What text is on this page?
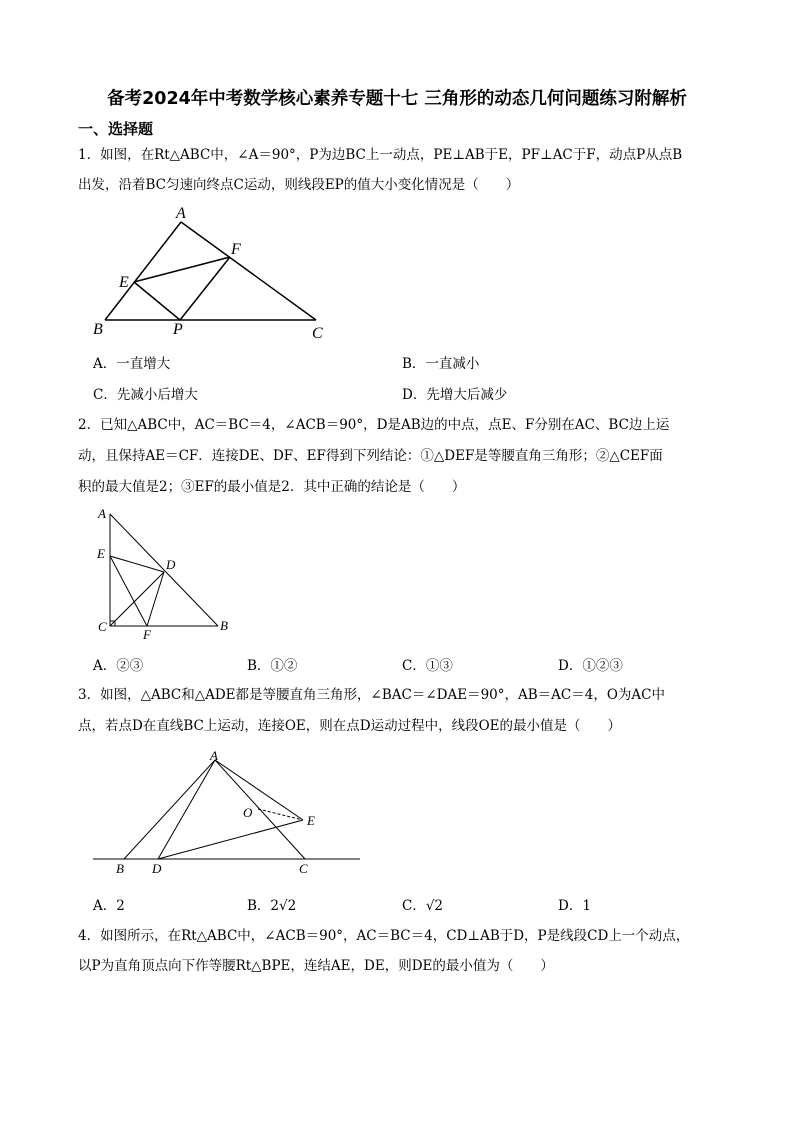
备考2024年中考数学核心素养专题十七 三角形的动态几何问题练习附解析
一、选择题
1．如图，在Rt△ABC中，∠A＝90°，P为边BC上一动点，PE⊥AB于E，PF⊥AC于F，动点P从点B
出发，沿着BC匀速向终点C运动，则线段EP的值大小变化情况是（　　）
A
F
E
B	P	C
A．一直增大	B．一直减小
C．先减小后增大	D．先增大后减少
2．已知△ABC中，AC＝BC＝4，∠ACB＝90°，D是AB边的中点，点E、F分别在AC、BC边上运
动，且保持AE＝CF．连接DE、DF、EF得到下列结论：①△DEF是等腰直角三角形；②△CEF面
积的最大值是2；③EF的最小值是2．其中正确的结论是（　　）
A
E
D
C
F
B
A．②③	B．①②	C．①③	D．①②③
3．如图，△ABC和△ADE都是等腰直角三角形，∠BAC＝∠DAE＝90°，AB＝AC＝4，O为AC中
点，若点D在直线BC上运动，连接OE，则在点D运动过程中，线段OE的最小值是（　　）
A
O
E
B D	C
A．2	B．2√2	C．√2	D．1
4．如图所示，在Rt△ABC中，∠ACB＝90°，AC＝BC＝4，CD⊥AB于D，P是线段CD上一个动点，
以P为直角顶点向下作等腰Rt△BPE，连结AE，DE，则DE的最小值为（　　）
